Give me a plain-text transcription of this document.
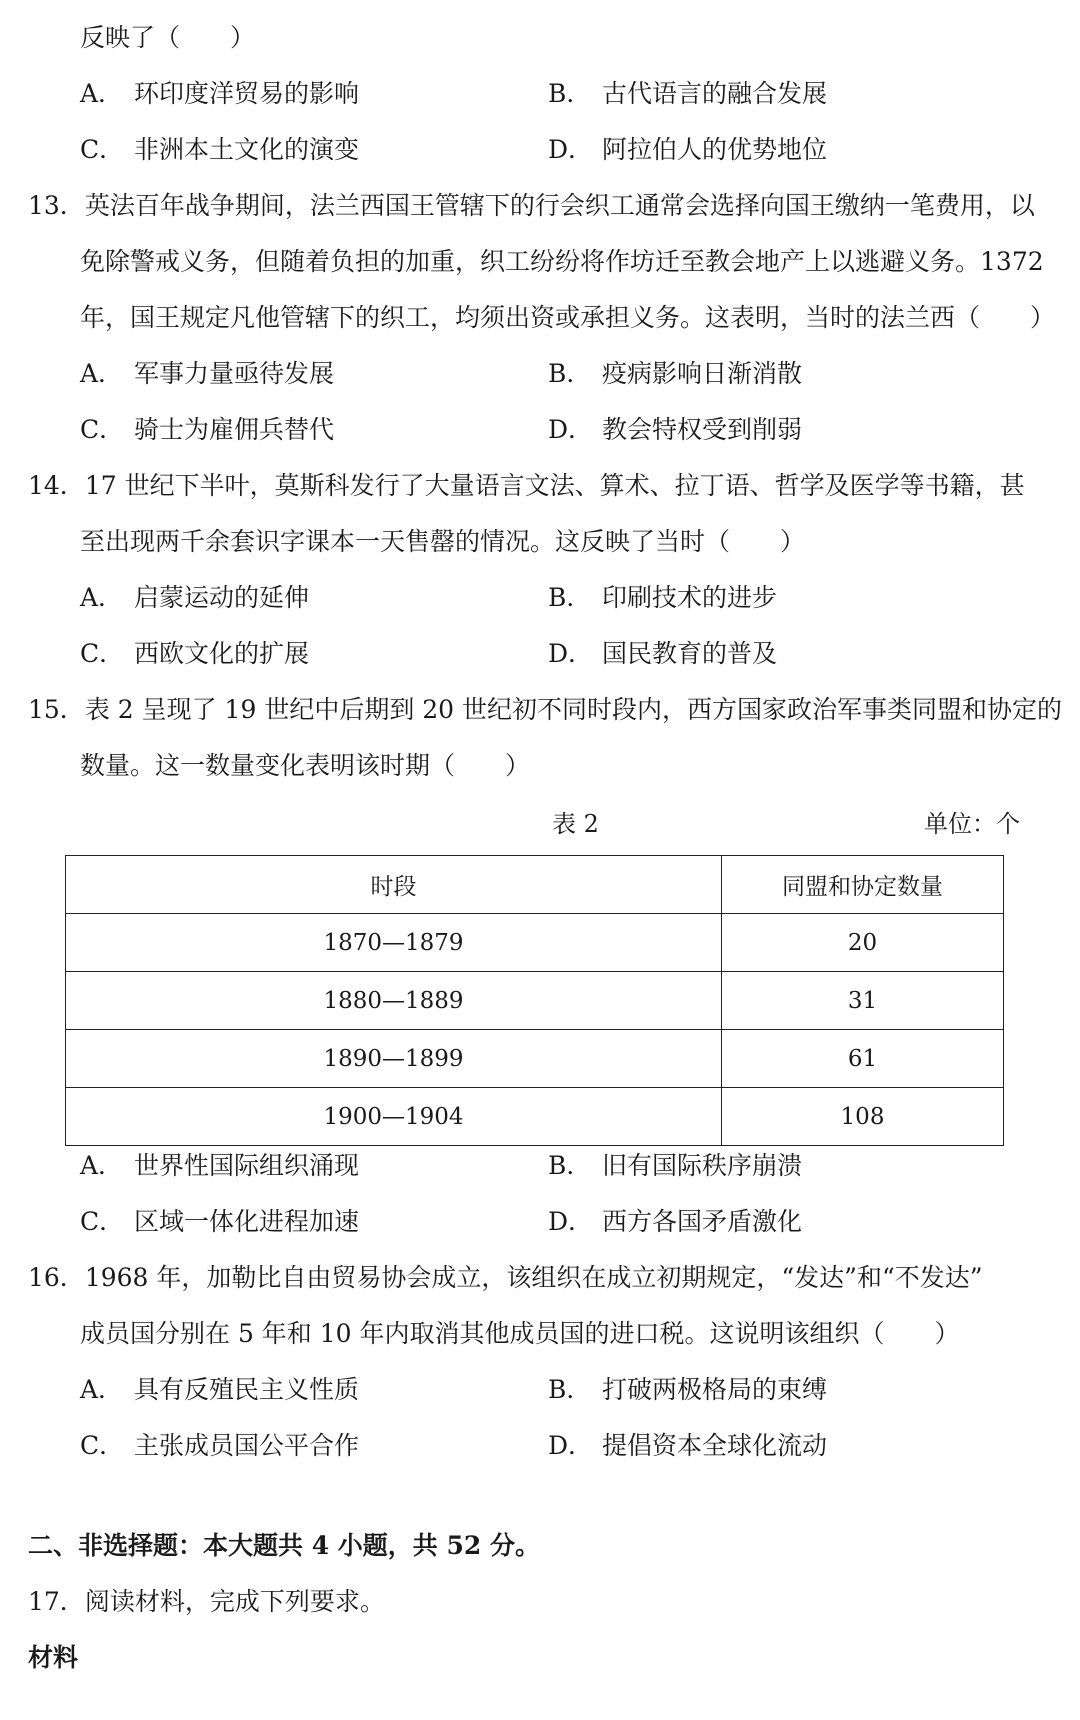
反映了（　　）
A． 环印度洋贸易的影响	B． 古代语言的融合发展
C． 非洲本土文化的演变	D． 阿拉伯人的优势地位
13．英法百年战争期间，法兰西国王管辖下的行会织工通常会选择向国王缴纳一笔费用，以
免除警戒义务，但随着负担的加重，织工纷纷将作坊迁至教会地产上以逃避义务。1372
年，国王规定凡他管辖下的织工，均须出资或承担义务。这表明，当时的法兰西（　　）
A． 军事力量亟待发展	B． 疫病影响日渐消散
C． 骑士为雇佣兵替代	D． 教会特权受到削弱
14．17 世纪下半叶，莫斯科发行了大量语言文法、算术、拉丁语、哲学及医学等书籍，甚
至出现两千余套识字课本一天售罄的情况。这反映了当时（　　）
A． 启蒙运动的延伸	B． 印刷技术的进步
C． 西欧文化的扩展	D． 国民教育的普及
15．表 2 呈现了 19 世纪中后期到 20 世纪初不同时段内，西方国家政治军事类同盟和协定的
数量。这一数量变化表明该时期（　　）
表 2	单位：个
时段	同盟和协定数量
1870—1879	20
1880—1889	31
1890—1899	61
1900—1904	108
A． 世界性国际组织涌现	B． 旧有国际秩序崩溃
C． 区域一体化进程加速	D． 西方各国矛盾激化
16．1968 年，加勒比自由贸易协会成立，该组织在成立初期规定，“发达”和“不发达”
成员国分别在 5 年和 10 年内取消其他成员国的进口税。这说明该组织（　　）
A． 具有反殖民主义性质	B． 打破两极格局的束缚
C． 主张成员国公平合作	D． 提倡资本全球化流动
二、非选择题：本大题共 4 小题，共 52 分。
17．阅读材料，完成下列要求。
材料
